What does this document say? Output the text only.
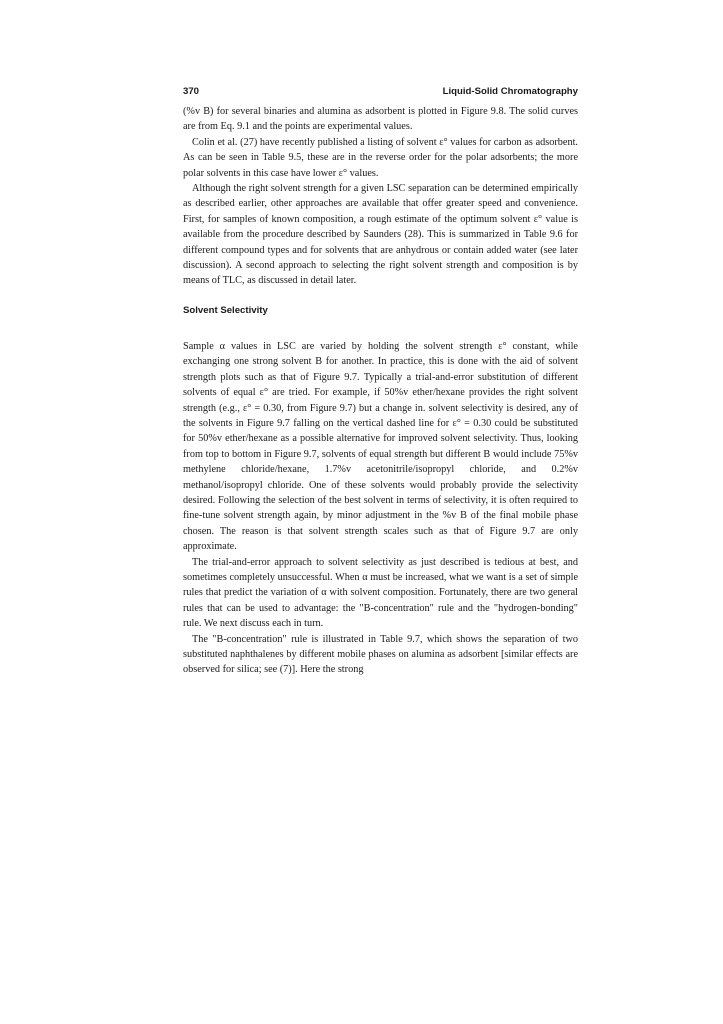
370	Liquid-Solid Chromatography

(%v B) for several binaries and alumina as adsorbent is plotted in Figure 9.8. The solid curves are from Eq. 9.1 and the points are experimental values.

Colin et al. (27) have recently published a listing of solvent ε° values for carbon as adsorbent. As can be seen in Table 9.5, these are in the reverse order for the polar adsorbents; the more polar solvents in this case have lower ε° values.

Although the right solvent strength for a given LSC separation can be determined empirically as described earlier, other approaches are available that offer greater speed and convenience. First, for samples of known composition, a rough estimate of the optimum solvent ε° value is available from the procedure described by Saunders (28). This is summarized in Table 9.6 for different compound types and for solvents that are anhydrous or contain added water (see later discussion). A second approach to selecting the right solvent strength and composition is by means of TLC, as discussed in detail later.

Solvent Selectivity

Sample α values in LSC are varied by holding the solvent strength ε° constant, while exchanging one strong solvent B for another. In practice, this is done with the aid of solvent strength plots such as that of Figure 9.7. Typically a trial-and-error substitution of different solvents of equal ε° are tried. For example, if 50%v ether/hexane provides the right solvent strength (e.g., ε° = 0.30, from Figure 9.7) but a change in. solvent selectivity is desired, any of the solvents in Figure 9.7 falling on the vertical dashed line for ε° = 0.30 could be substituted for 50%v ether/hexane as a possible alternative for improved solvent selectivity. Thus, looking from top to bottom in Figure 9.7, solvents of equal strength but different B would include 75%v methylene chloride/hexane, 1.7%v acetonitrile/isopropyl chloride, and 0.2%v methanol/isopropyl chloride. One of these solvents would probably provide the selectivity desired. Following the selection of the best solvent in terms of selectivity, it is often required to fine-tune solvent strength again, by minor adjustment in the %v B of the final mobile phase chosen. The reason is that solvent strength scales such as that of Figure 9.7 are only approximate.

The trial-and-error approach to solvent selectivity as just described is tedious at best, and sometimes completely unsuccessful. When α must be increased, what we want is a set of simple rules that predict the variation of α with solvent composition. Fortunately, there are two general rules that can be used to advantage: the "B-concentration" rule and the "hydrogen-bonding" rule. We next discuss each in turn.

The "B-concentration" rule is illustrated in Table 9.7, which shows the separation of two substituted naphthalenes by different mobile phases on alumina as adsorbent [similar effects are observed for silica; see (7)]. Here the strong
